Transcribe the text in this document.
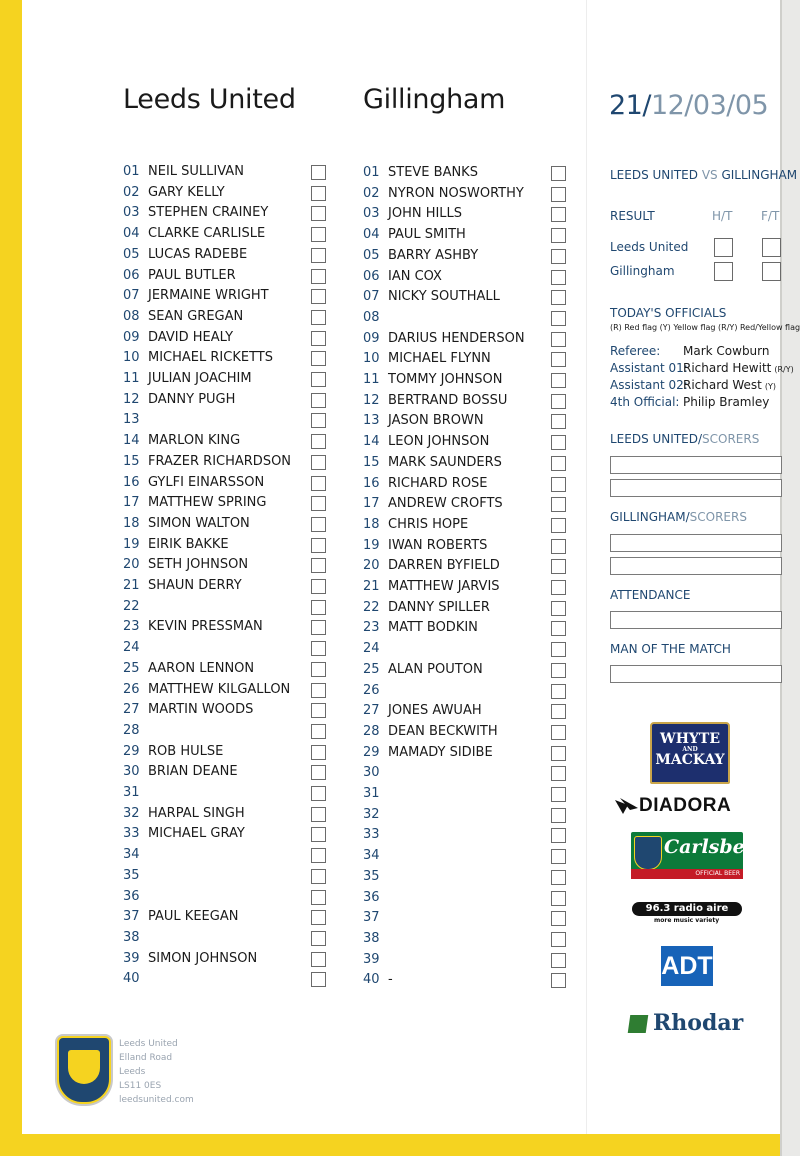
Leeds United Gillingham	21/12/03/05
01 NEIL SULLIVAN
02 GARY KELLY
03 STEPHEN CRAINEY
04 CLARKE CARLISLE
05 LUCAS RADEBE
06 PAUL BUTLER
07 JERMAINE WRIGHT
08 SEAN GREGAN
09 DAVID HEALY
10 MICHAEL RICKETTS
11 JULIAN JOACHIM
12 DANNY PUGH
13
14 MARLON KING
15 FRAZER RICHARDSON
16 GYLFI EINARSSON
17 MATTHEW SPRING
18 SIMON WALTON
19 EIRIK BAKKE
20 SETH JOHNSON
21 SHAUN DERRY
22
23 KEVIN PRESSMAN
24
25 AARON LENNON
26 MATTHEW KILGALLON
27 MARTIN WOODS
28
29 ROB HULSE
30 BRIAN DEANE
31
32 HARPAL SINGH
33 MICHAEL GRAY
34
35
36
37 PAUL KEEGAN
38
39 SIMON JOHNSON
40
01 STEVE BANKS
02 NYRON NOSWORTHY
03 JOHN HILLS
04 PAUL SMITH
05 BARRY ASHBY
06 IAN COX
07 NICKY SOUTHALL
08
09 DARIUS HENDERSON
10 MICHAEL FLYNN
11 TOMMY JOHNSON
12 BERTRAND BOSSU
13 JASON BROWN
14 LEON JOHNSON
15 MARK SAUNDERS
16 RICHARD ROSE
17 ANDREW CROFTS
18 CHRIS HOPE
19 IWAN ROBERTS
20 DARREN BYFIELD
21 MATTHEW JARVIS
22 DANNY SPILLER
23 MATT BODKIN
24
25 ALAN POUTON
26
27 JONES AWUAH
28 DEAN BECKWITH
29 MAMADY SIDIBE
30
31
32
33
34
35
36
37
38
39
40 -
LEEDS UNITED VS GILLINGHAM
RESULT	H/T F/T
Leeds United
Gillingham
TODAY'S OFFICIALS
(R) Red flag (Y) Yellow flag (R/Y) Red/Yellow flag
Referee: Mark Cowburn
Assistant 01:
Richard Hewitt (R/Y)
Assistant 02:
Richard West (Y)
4th Official: Philip Bramley
LEEDS UNITED/SCORERS
GILLINGHAM/SCORERS
ATTENDANCE
MAN OF THE MATCH
WHYTE
AND
MACKAY
DIADORA
Carlsberg
OFFICIAL BEER
96.3 radio aire
more music variety
ADT
Rhodar
Leeds United
Elland Road
Leeds
LS11 0ES
leedsunited.com
